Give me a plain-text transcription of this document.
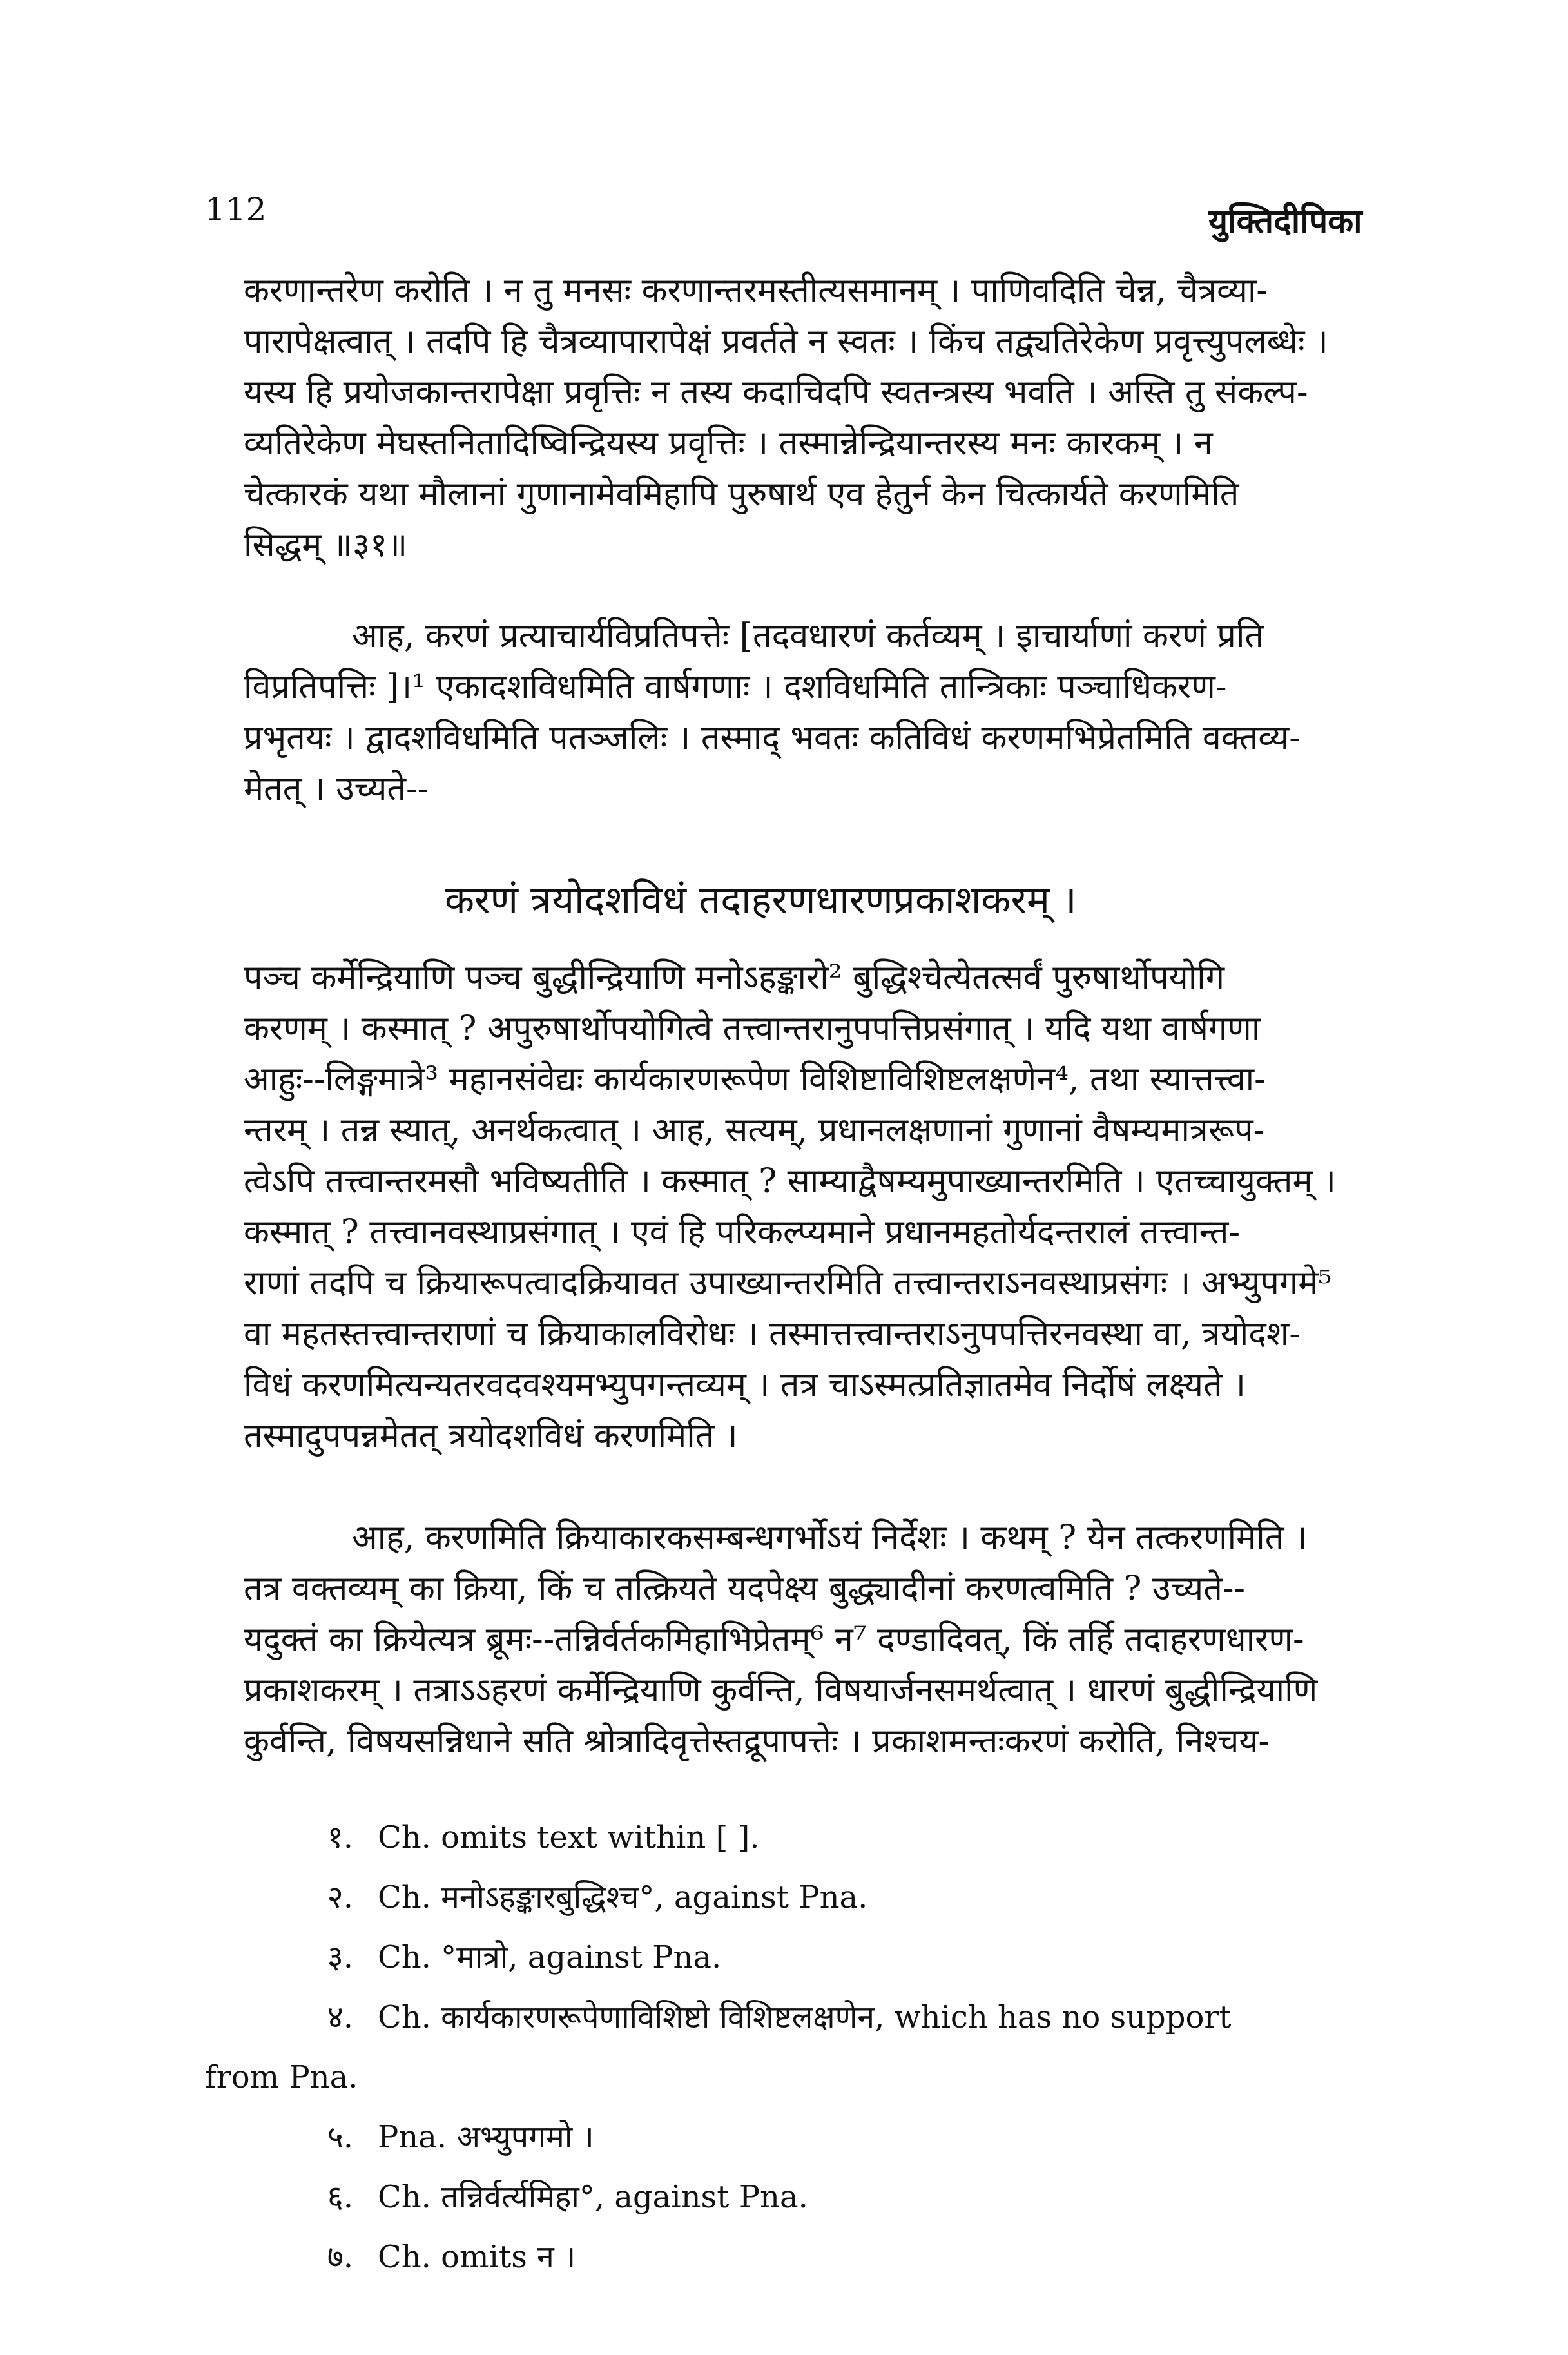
112	युक्तिदीपिका
करणान्तरेण करोति । न तु मनसः करणान्तरमस्तीत्यसमानम् । पाणिवदिति चेन्न, चैत्रव्या-
पारापेक्षत्वात् । तदपि हि चैत्रव्यापारापेक्षं प्रवर्तते न स्वतः । किंच तद्व्यतिरेकेण प्रवृत्त्युपलब्धेः ।
यस्य हि प्रयोजकान्तरापेक्षा प्रवृत्तिः न तस्य कदाचिदपि स्वतन्त्रस्य भवति । अस्ति तु संकल्प-
व्यतिरेकेण मेघस्तनितादिष्विन्द्रियस्य प्रवृत्तिः । तस्मान्नेन्द्रियान्तरस्य मनः कारकम् । न
चेत्कारकं यथा मौलानां गुणानामेवमिहापि पुरुषार्थ एव हेतुर्न केन चित्कार्यते करणमिति
सिद्धम् ॥३१॥
आह, करणं प्रत्याचार्यविप्रतिपत्तेः [तदवधारणं कर्तव्यम् । इाचार्याणां करणं प्रति
विप्रतिपत्तिः ]।¹ एकादशविधमिति वार्षगणाः । दशविधमिति तान्त्रिकाः पञ्चाधिकरण-
प्रभृतयः । द्वादशविधमिति पतञ्जलिः । तस्माद् भवतः कतिविधं करणमभिप्रेतमिति वक्तव्य-
मेतत् । उच्यते--
करणं त्रयोदशविधं तदाहरणधारणप्रकाशकरम् ।
पञ्च कर्मेन्द्रियाणि पञ्च बुद्धीन्द्रियाणि मनोऽहङ्कारो² बुद्धिश्चेत्येतत्सर्वं पुरुषार्थोपयोगि
करणम् । कस्मात् ? अपुरुषार्थोपयोगित्वे तत्त्वान्तरानुपपत्तिप्रसंगात् । यदि यथा वार्षगणा
आहुः--लिङ्गमात्रे³ महानसंवेद्यः कार्यकारणरूपेण विशिष्टाविशिष्टलक्षणेन⁴, तथा स्यात्तत्त्वा-
न्तरम् । तन्न स्यात्, अनर्थकत्वात् । आह, सत्यम्, प्रधानलक्षणानां गुणानां वैषम्यमात्ररूप-
त्वेऽपि तत्त्वान्तरमसौ भविष्यतीति । कस्मात् ? साम्याद्वैषम्यमुपाख्यान्तरमिति । एतच्चायुक्तम् ।
कस्मात् ? तत्त्वानवस्थाप्रसंगात् । एवं हि परिकल्प्यमाने प्रधानमहतोर्यदन्तरालं तत्त्वान्त-
राणां तदपि च क्रियारूपत्वादक्रियावत उपाख्यान्तरमिति तत्त्वान्तराऽनवस्थाप्रसंगः । अभ्युपगमे⁵
वा महतस्तत्त्वान्तराणां च क्रियाकालविरोधः । तस्मात्तत्त्वान्तराऽनुपपत्तिरनवस्था वा, त्रयोदश-
विधं करणमित्यन्यतरवदवश्यमभ्युपगन्तव्यम् । तत्र चाऽस्मत्प्रतिज्ञातमेव निर्दोषं लक्ष्यते ।
तस्मादुपपन्नमेतत् त्रयोदशविधं करणमिति ।
आह, करणमिति क्रियाकारकसम्बन्धगर्भोऽयं निर्देशः । कथम् ? येन तत्करणमिति ।
तत्र वक्तव्यम् का क्रिया, किं च तत्क्रियते यदपेक्ष्य बुद्ध्यादीनां करणत्वमिति ? उच्यते--
यदुक्तं का क्रियेत्यत्र ब्रूमः--तन्निर्वर्तकमिहाभिप्रेतम्⁶ न⁷ दण्डादिवत्, किं तर्हि तदाहरणधारण-
प्रकाशकरम् । तत्राऽऽहरणं कर्मेन्द्रियाणि कुर्वन्ति, विषयार्जनसमर्थत्वात् । धारणं बुद्धीन्द्रियाणि
कुर्वन्ति, विषयसन्निधाने सति श्रोत्रादिवृत्तेस्तद्रूपापत्तेः । प्रकाशमन्तःकरणं करोति, निश्चय-
१. Ch. omits text within [ ].
२. Ch. मनोऽहङ्कारबुद्धिश्च°, against Pna.
३. Ch. °मात्रो, against Pna.
४. Ch. कार्यकारणरूपेणाविशिष्टो विशिष्टलक्षणेन, which has no support
from Pna.
५. Pna. अभ्युपगमो ।
६. Ch. तन्निर्वर्त्यमिहा°, against Pna.
७. Ch. omits न ।
